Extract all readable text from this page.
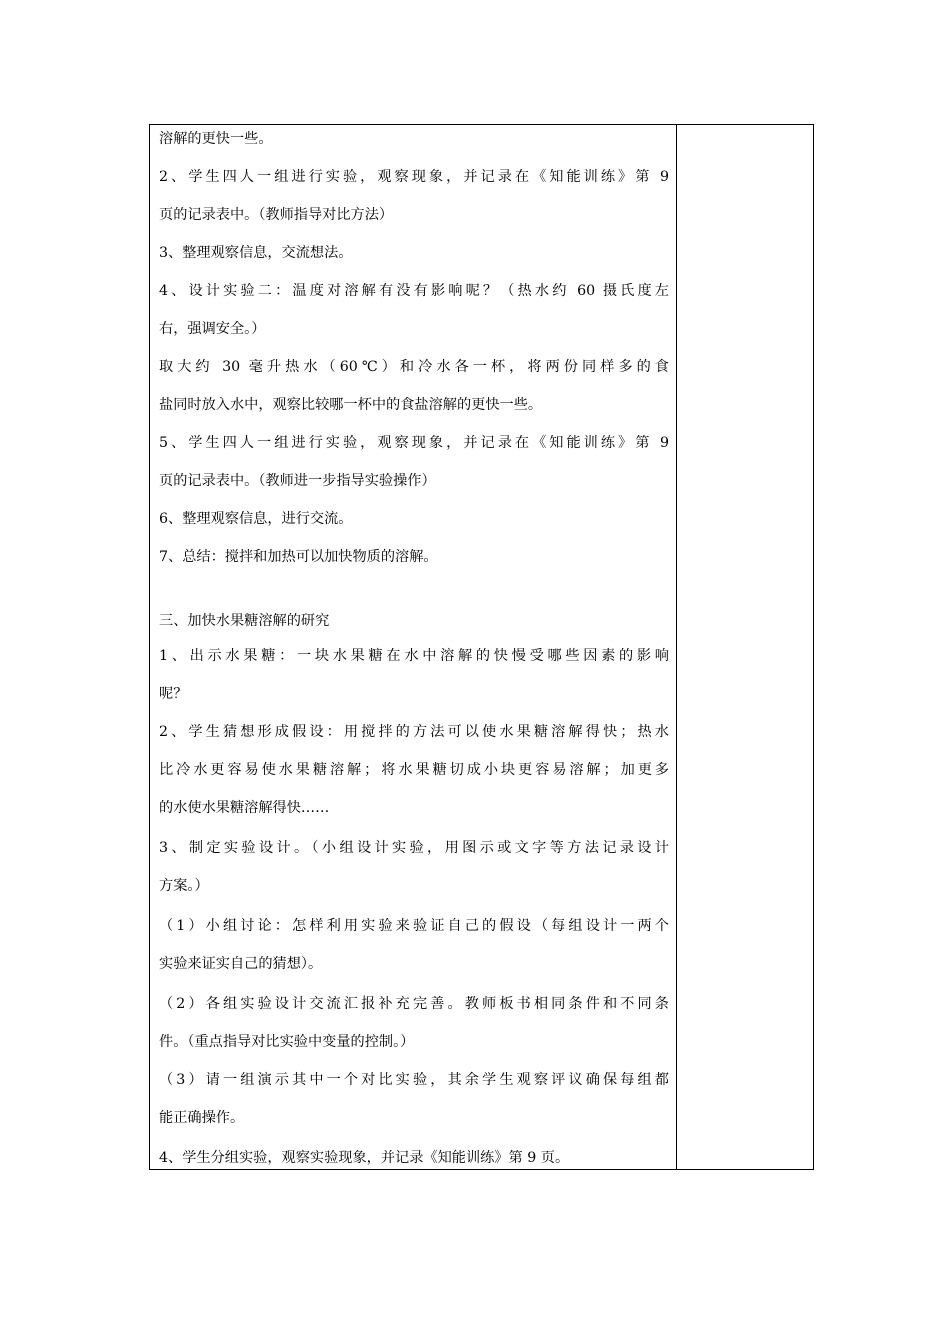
溶解的更快一些。
2、学生四人一组进行实验，观察现象，并记录在《知能训练》第 9
页的记录表中。（教师指导对比方法）
3、整理观察信息，交流想法。
4、设计实验二：温度对溶解有没有影响呢？（热水约 60 摄氏度左
右，强调安全。）
取大约 30 毫升热水（60℃）和冷水各一杯，将两份同样多的食
盐同时放入水中，观察比较哪一杯中的食盐溶解的更快一些。
5、学生四人一组进行实验，观察现象，并记录在《知能训练》第 9
页的记录表中。（教师进一步指导实验操作）
6、整理观察信息，进行交流。
7、总结：搅拌和加热可以加快物质的溶解。
三、加快水果糖溶解的研究
1、出示水果糖：一块水果糖在水中溶解的快慢受哪些因素的影响
呢？
2、学生猜想形成假设：用搅拌的方法可以使水果糖溶解得快；热水
比冷水更容易使水果糖溶解；将水果糖切成小块更容易溶解；加更多
的水使水果糖溶解得快……
3、制定实验设计。（小组设计实验，用图示或文字等方法记录设计
方案。）
（1）小组讨论：怎样利用实验来验证自己的假设（每组设计一两个
实验来证实自己的猜想）。
（2）各组实验设计交流汇报补充完善。教师板书相同条件和不同条
件。（重点指导对比实验中变量的控制。）
（3）请一组演示其中一个对比实验，其余学生观察评议确保每组都
能正确操作。
4、学生分组实验，观察实验现象，并记录《知能训练》第 9 页。
